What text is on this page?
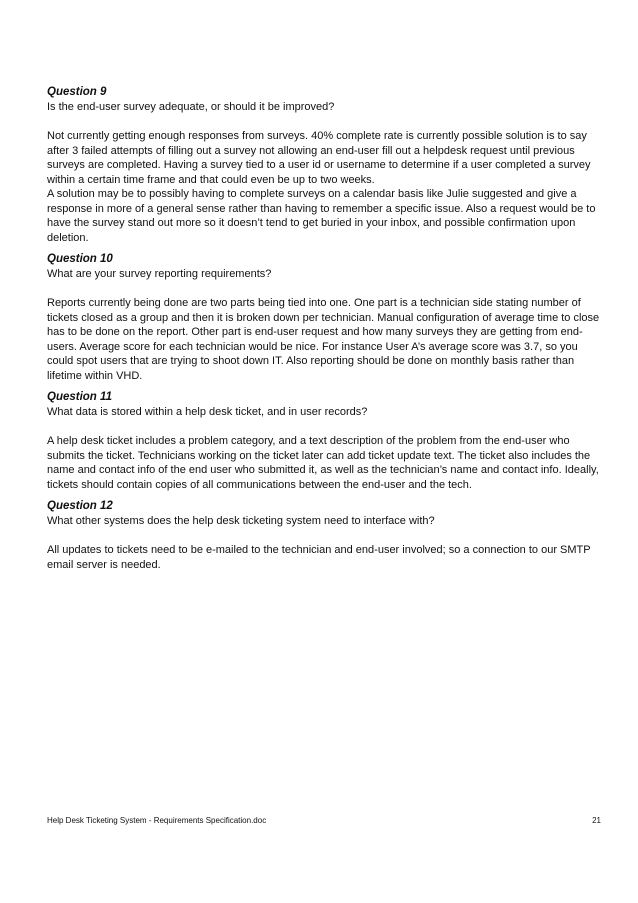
Question 9

Is the end-user survey adequate, or should it be improved?

Not currently getting enough responses from surveys. 40% complete rate is currently possible solution is to say after 3 failed attempts of filling out a survey not allowing an end-user fill out a helpdesk request until previous surveys are completed. Having a survey tied to a user id or username to determine if a user completed a survey within a certain time frame and that could even be up to two weeks.

A solution may be to possibly having to complete surveys on a calendar basis like Julie suggested and give a response in more of a general sense rather than having to remember a specific issue. Also a request would be to have the survey stand out more so it doesn’t tend to get buried in your inbox, and possible confirmation upon deletion.

Question 10

What are your survey reporting requirements?

Reports currently being done are two parts being tied into one. One part is a technician side stating number of tickets closed as a group and then it is broken down per technician. Manual configuration of average time to close has to be done on the report. Other part is end-user request and how many surveys they are getting from end-users. Average score for each technician would be nice. For instance User A’s average score was 3.7, so you could spot users that are trying to shoot down IT. Also reporting should be done on monthly basis rather than lifetime within VHD.

Question 11

What data is stored within a help desk ticket, and in user records?

A help desk ticket includes a problem category, and a text description of the problem from the end-user who submits the ticket. Technicians working on the ticket later can add ticket update text. The ticket also includes the name and contact info of the end user who submitted it, as well as the technician’s name and contact info. Ideally, tickets should contain copies of all communications between the end-user and the tech.

Question 12

What other systems does the help desk ticketing system need to interface with?

All updates to tickets need to be e-mailed to the technician and end-user involved; so a connection to our SMTP email server is needed.

Help Desk Ticketing System - Requirements Specification.doc	21
